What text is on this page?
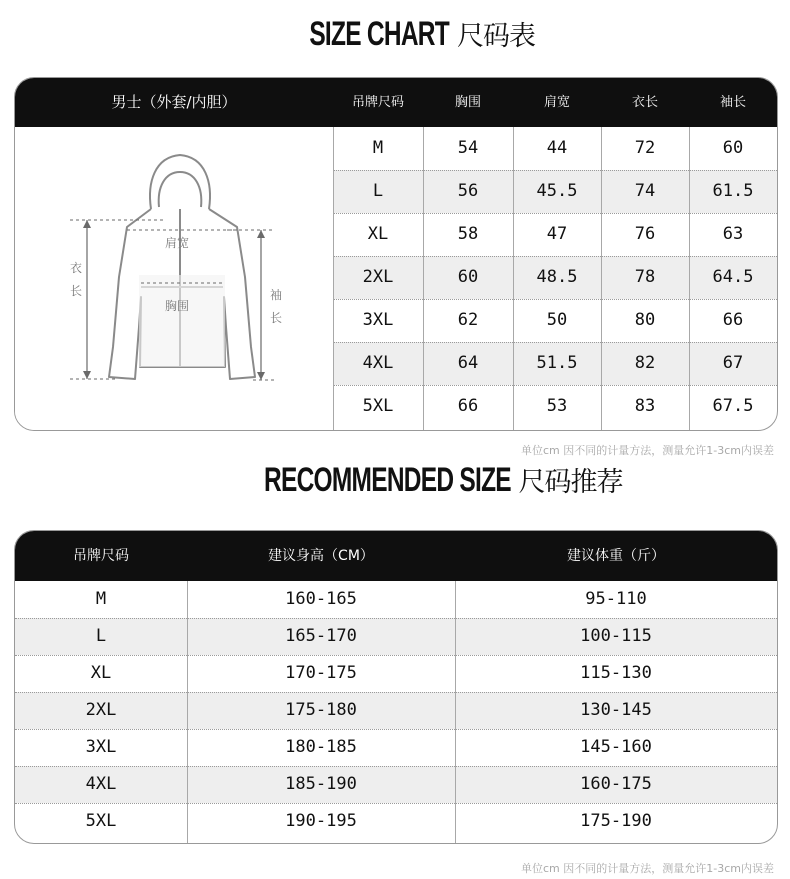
SIZE CHART 尺码表
男士（外套/内胆）	吊牌尺码	胸围	肩宽	衣长	袖长
肩宽
胸围
衣
长	袖
长
M	54	44	72	60
L	56	45.5	74	61.5
XL	58	47	76	63
2XL	60	48.5	78	64.5
3XL	62	50	80	66
4XL	64	51.5	82	67
5XL	66	53	83	67.5
单位cm 因不同的计量方法，测量允许1-3cm内误差
RECOMMENDED SIZE 尺码推荐
吊牌尺码	建议身高（CM）	建议体重（斤）
M	160-165	95-110
L	165-170	100-115
XL	170-175	115-130
2XL	175-180	130-145
3XL	180-185	145-160
4XL	185-190	160-175
5XL	190-195	175-190
单位cm 因不同的计量方法，测量允许1-3cm内误差
